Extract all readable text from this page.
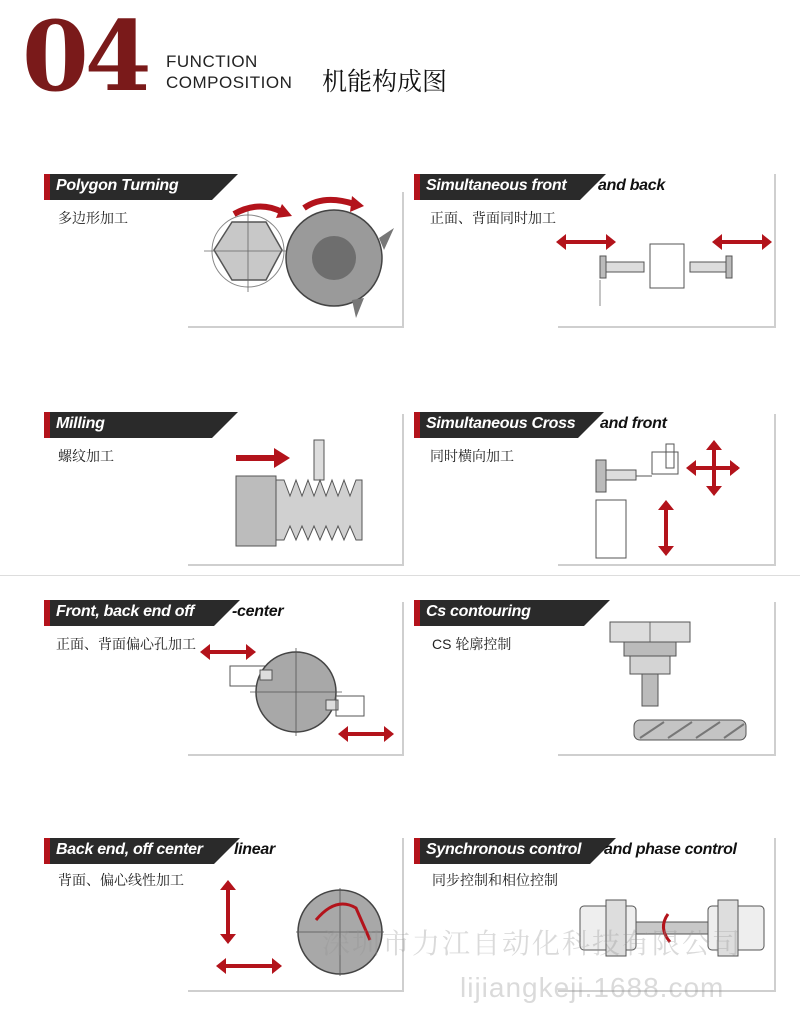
04 FUNCTION
COMPOSITION 机能构成图
Polygon Turning
多边形加工
Simultaneous front and back
正面、背面同时加工
Milling
螺纹加工
Simultaneous Cross and front
同时横向加工
Front, back end off -center
正面、背面偏心孔加工
Cs contouring
CS 轮廓控制
Back end, off center linear
背面、偏心线性加工
Synchronous control and phase control
同步控制和相位控制
深圳市力江自动化科技有限公司
lijiangkeji.1688.com
